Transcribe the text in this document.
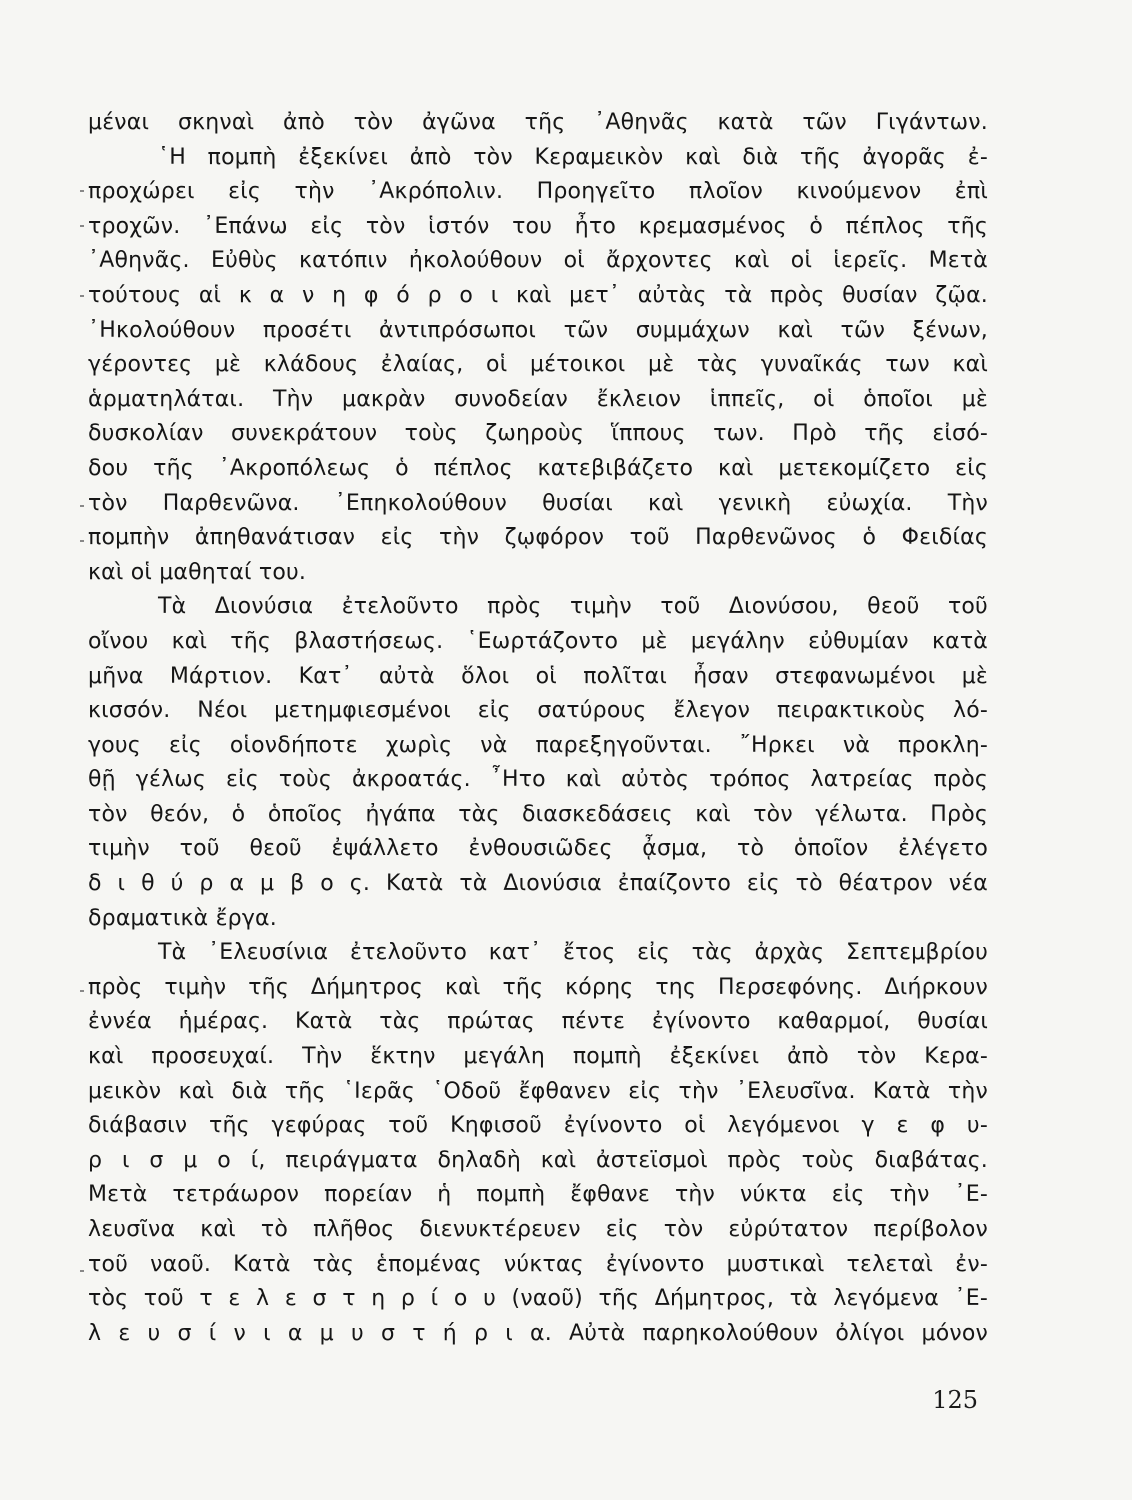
μέναι σκηναὶ ἀπὸ τὸν ἀγῶνα τῆς ᾿Αθηνᾶς κατὰ τῶν Γιγάντων.
῾Η πομπὴ ἐξεκίνει ἀπὸ τὸν Κεραμεικὸν καὶ διὰ τῆς ἀγορᾶς ἐ-
προχώρει εἰς τὴν ᾿Ακρόπολιν. Προηγεῖτο πλοῖον κινούμενον ἐπὶ
τροχῶν. ᾿Επάνω εἰς τὸν ἱστόν του ἦτο κρεμασμένος ὁ πέπλος τῆς
᾿Αθηνᾶς. Εὐθὺς κατόπιν ἠκολούθουν οἱ ἄρχοντες καὶ οἱ ἱερεῖς. Μετὰ
τούτους αἱ κ α ν η φ ό ρ ο ι καὶ μετ᾿ αὐτὰς τὰ πρὸς θυσίαν ζῷα.
᾿Ηκολούθουν προσέτι ἀντιπρόσωποι τῶν συμμάχων καὶ τῶν ξένων,
γέροντες μὲ κλάδους ἐλαίας, οἱ μέτοικοι μὲ τὰς γυναῖκάς των καὶ
ἁρματηλάται. Τὴν μακρὰν συνοδείαν ἔκλειον ἱππεῖς, οἱ ὁποῖοι μὲ
δυσκολίαν συνεκράτουν τοὺς ζωηροὺς ἵππους των. Πρὸ τῆς εἰσό-
δου τῆς ᾿Ακροπόλεως ὁ πέπλος κατεβιβάζετο καὶ μετεκομίζετο εἰς
τὸν Παρθενῶνα. ᾿Επηκολούθουν θυσίαι καὶ γενικὴ εὐωχία. Τὴν
πομπὴν ἀπηθανάτισαν εἰς τὴν ζῳφόρον τοῦ Παρθενῶνος ὁ Φειδίας
καὶ οἱ μαθηταί του.
Τὰ Διονύσια ἐτελοῦντο πρὸς τιμὴν τοῦ Διονύσου, θεοῦ τοῦ
οἴνου καὶ τῆς βλαστήσεως. ῾Εωρτάζοντο μὲ μεγάλην εὐθυμίαν κατὰ
μῆνα Μάρτιον. Κατ᾿ αὐτὰ ὅλοι οἱ πολῖται ἦσαν στεφανωμένοι μὲ
κισσόν. Νέοι μετημφιεσμένοι εἰς σατύρους ἔλεγον πειρακτικοὺς λό-
γους εἰς οἱονδήποτε χωρὶς νὰ παρεξηγοῦνται. ῎Ηρκει νὰ προκλη-
θῇ γέλως εἰς τοὺς ἀκροατάς. ῏Ητο καὶ αὐτὸς τρόπος λατρείας πρὸς
τὸν θεόν, ὁ ὁποῖος ἠγάπα τὰς διασκεδάσεις καὶ τὸν γέλωτα. Πρὸς
τιμὴν τοῦ θεοῦ ἐψάλλετο ἐνθουσιῶδες ᾆσμα, τὸ ὁποῖον ἐλέγετο
δ ι θ ύ ρ α μ β ο ς. Κατὰ τὰ Διονύσια ἐπαίζοντο εἰς τὸ θέατρον νέα
δραματικὰ ἔργα.
Τὰ ᾿Ελευσίνια ἐτελοῦντο κατ᾿ ἔτος εἰς τὰς ἀρχὰς Σεπτεμβρίου
πρὸς τιμὴν τῆς Δήμητρος καὶ τῆς κόρης της Περσεφόνης. Διήρκουν
ἐννέα ἡμέρας. Κατὰ τὰς πρώτας πέντε ἐγίνοντο καθαρμοί, θυσίαι
καὶ προσευχαί. Τὴν ἕκτην μεγάλη πομπὴ ἐξεκίνει ἀπὸ τὸν Κερα-
μεικὸν καὶ διὰ τῆς ῾Ιερᾶς ῾Οδοῦ ἔφθανεν εἰς τὴν ᾿Ελευσῖνα. Κατὰ τὴν
διάβασιν τῆς γεφύρας τοῦ Κηφισοῦ ἐγίνοντο οἱ λεγόμενοι γ ε φ υ-
ρ ι σ μ ο ί, πειράγματα δηλαδὴ καὶ ἀστεϊσμοὶ πρὸς τοὺς διαβάτας.
Μετὰ τετράωρον πορείαν ἡ πομπὴ ἔφθανε τὴν νύκτα εἰς τὴν ᾿Ε-
λευσῖνα καὶ τὸ πλῆθος διενυκτέρευεν εἰς τὸν εὐρύτατον περίβολον
τοῦ ναοῦ. Κατὰ τὰς ἑπομένας νύκτας ἐγίνοντο μυστικαὶ τελεταὶ ἐν-
τὸς τοῦ τ ε λ ε σ τ η ρ ί ο υ (ναοῦ) τῆς Δήμητρος, τὰ λεγόμενα ᾿Ε-
λ ε υ σ ί ν ι α μ υ σ τ ή ρ ι α. Αὐτὰ παρηκολούθουν ὀλίγοι μόνον
125
